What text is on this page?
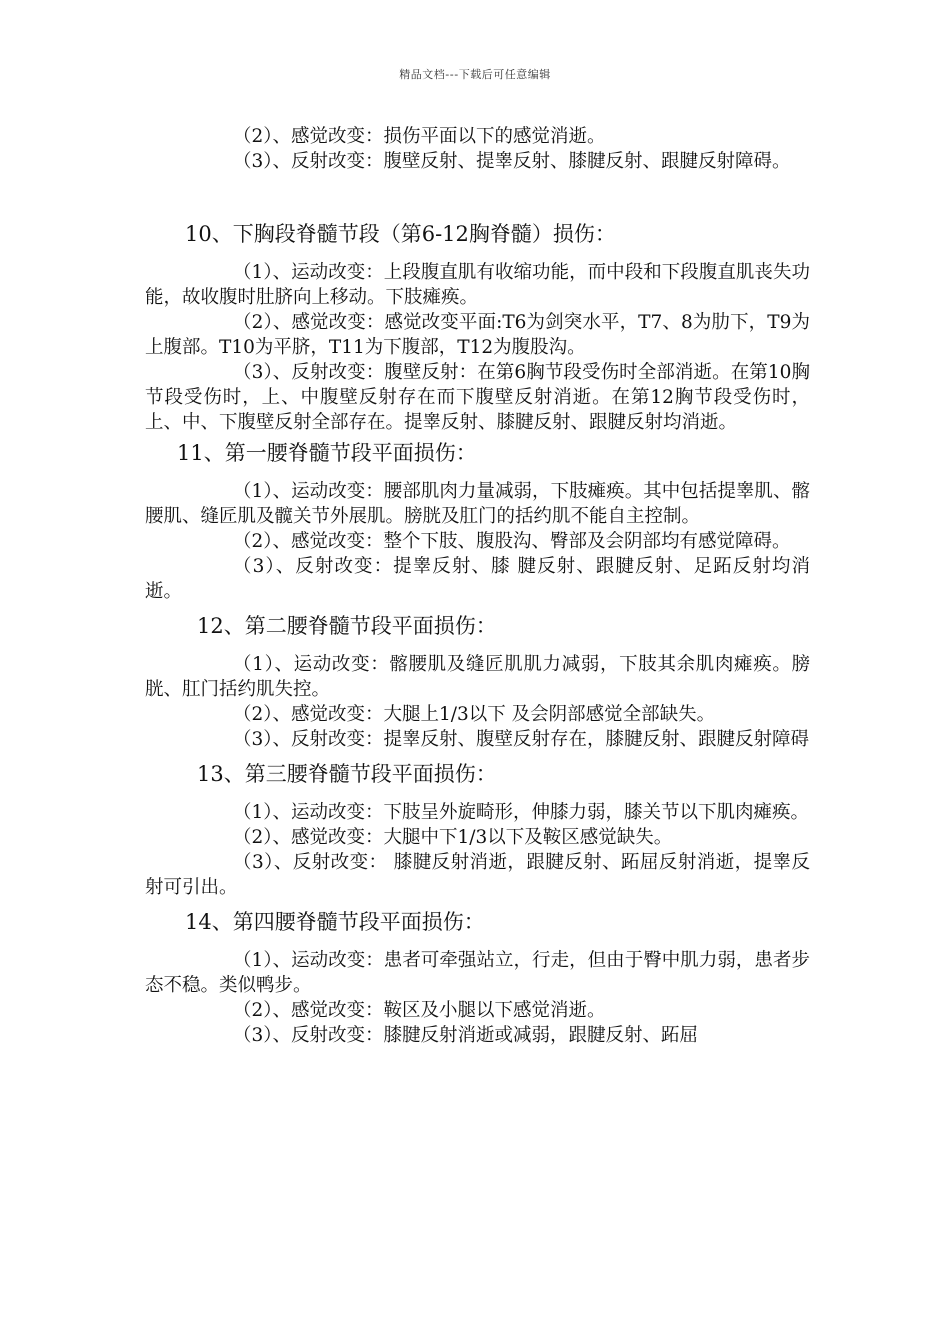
精品文档---下载后可任意编辑

（2）、感觉改变：损伤平面以下的感觉消逝。

（3）、反射改变：腹壁反射、提睾反射、膝腱反射、跟腱反射障碍。

10、下胸段脊髓节段（第6-12胸脊髓）损伤：

（1）、运动改变：上段腹直肌有收缩功能，而中段和下段腹直肌丧失功能，故收腹时肚脐向上移动。下肢瘫痪。

（2）、感觉改变：感觉改变平面:T6为剑突水平，T7、8为肋下，T9为上腹部。T10为平脐，T11为下腹部，T12为腹股沟。

（3）、反射改变：腹壁反射：在第6胸节段受伤时全部消逝。在第10胸节段受伤时，上、中腹壁反射存在而下腹壁反射消逝。在第12胸节段受伤时，上、中、下腹壁反射全部存在。提睾反射、膝腱反射、跟腱反射均消逝。

11、第一腰脊髓节段平面损伤：

（1）、运动改变：腰部肌肉力量减弱，下肢瘫痪。其中包括提睾肌、髂腰肌、缝匠肌及髋关节外展肌。膀胱及肛门的括约肌不能自主控制。

（2）、感觉改变：整个下肢、腹股沟、臀部及会阴部均有感觉障碍。

（3）、反射改变：提睾反射、膝 腱反射、跟腱反射、足跖反射均消逝。

12、第二腰脊髓节段平面损伤：

（1）、运动改变：髂腰肌及缝匠肌肌力减弱，下肢其余肌肉瘫痪。膀胱、肛门括约肌失控。

（2）、感觉改变：大腿上1/3以下 及会阴部感觉全部缺失。

（3）、反射改变：提睾反射、腹壁反射存在，膝腱反射、跟腱反射障碍

13、第三腰脊髓节段平面损伤：

（1）、运动改变：下肢呈外旋畸形，伸膝力弱，膝关节以下肌肉瘫痪。

（2）、感觉改变：大腿中下1/3以下及鞍区感觉缺失。

（3）、反射改变： 膝腱反射消逝，跟腱反射、跖屈反射消逝，提睾反射可引出。

14、第四腰脊髓节段平面损伤：

（1）、运动改变：患者可牵强站立，行走，但由于臀中肌力弱，患者步态不稳。类似鸭步。

（2）、感觉改变：鞍区及小腿以下感觉消逝。

（3）、反射改变：膝腱反射消逝或减弱，跟腱反射、跖屈
